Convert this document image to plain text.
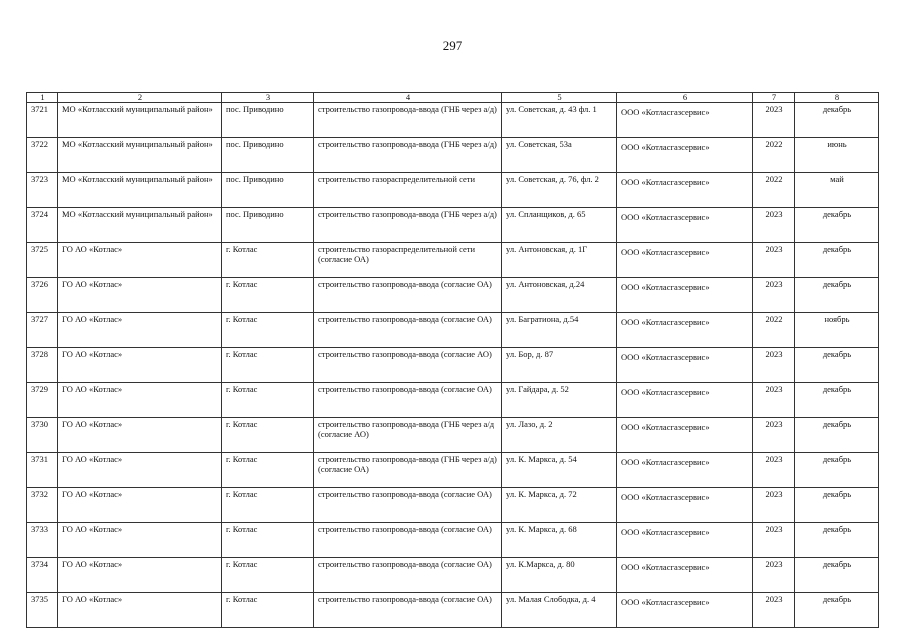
297
1	2	3	4	5	6	7	8
3721	МО «Котласский муниципальный район»	пос. Приводино	строительство газопровода-ввода (ГНБ через а/д)	ул. Советская, д. 43 фл. 1	ООО «Котласгазсервис»	2023	декабрь
3722	МО «Котласский муниципальный район»	пос. Приводино	строительство газопровода-ввода (ГНБ через а/д)	ул. Советская, 53а	ООО «Котласгазсервис»	2022	июнь
3723	МО «Котласский муниципальный район»	пос. Приводино	строительство газораспределительной сети	ул. Советская, д. 76, фл. 2	ООО «Котласгазсервис»	2022	май
3724	МО «Котласский муниципальный район»	пос. Приводино	строительство газопровода-ввода (ГНБ через а/д)	ул. Спланщиков, д. 65	ООО «Котласгазсервис»	2023	декабрь
3725	ГО АО «Котлас»	г. Котлас	строительство газораспределительной сети (согласие ОА)	ул. Антоновская, д. 1Г	ООО «Котласгазсервис»	2023	декабрь
3726	ГО АО «Котлас»	г. Котлас	строительство газопровода-ввода (согласие ОА)	ул. Антоновская, д.24	ООО «Котласгазсервис»	2023	декабрь
3727	ГО АО «Котлас»	г. Котлас	строительство газопровода-ввода (согласие ОА)	ул. Багратиона, д.54	ООО «Котласгазсервис»	2022	ноябрь
3728	ГО АО «Котлас»	г. Котлас	строительство газопровода-ввода (согласие АО)	ул. Бор, д. 87	ООО «Котласгазсервис»	2023	декабрь
3729	ГО АО «Котлас»	г. Котлас	строительство газопровода-ввода (согласие ОА)	ул. Гайдара, д. 52	ООО «Котласгазсервис»	2023	декабрь
3730	ГО АО «Котлас»	г. Котлас	строительство газопровода-ввода (ГНБ через а/д (согласие АО)	ул. Лазо, д. 2	ООО «Котласгазсервис»	2023	декабрь
3731	ГО АО «Котлас»	г. Котлас	строительство газопровода-ввода (ГНБ через а/д) (согласие ОА)	ул. К. Маркса, д. 54	ООО «Котласгазсервис»	2023	декабрь
3732	ГО АО «Котлас»	г. Котлас	строительство газопровода-ввода (согласие ОА)	ул. К. Маркса, д. 72	ООО «Котласгазсервис»	2023	декабрь
3733	ГО АО «Котлас»	г. Котлас	строительство газопровода-ввода (согласие ОА)	ул. К. Маркса, д. 68	ООО «Котласгазсервис»	2023	декабрь
3734	ГО АО «Котлас»	г. Котлас	строительство газопровода-ввода (согласие ОА)	ул. К.Маркса, д. 80	ООО «Котласгазсервис»	2023	декабрь
3735	ГО АО «Котлас»	г. Котлас	строительство газопровода-ввода (согласие ОА)	ул. Малая Слободка, д. 4	ООО «Котласгазсервис»	2023	декабрь
